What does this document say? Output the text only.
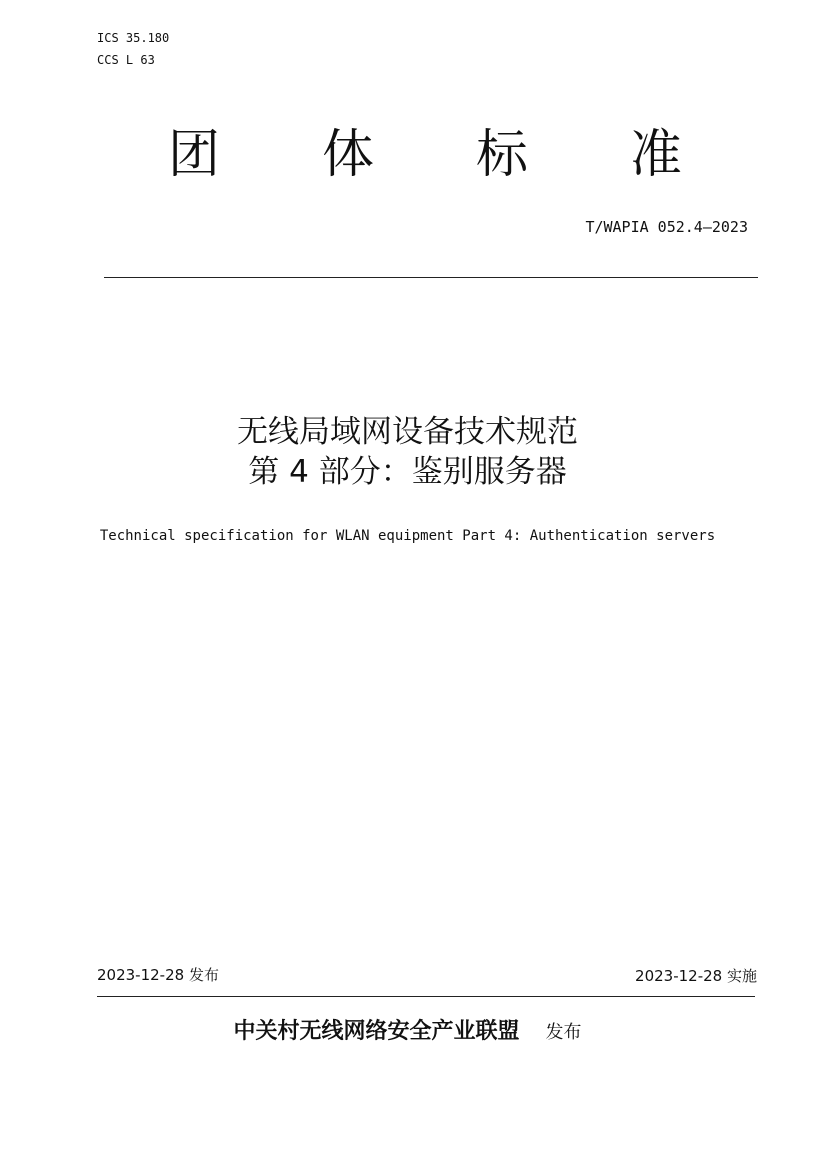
ICS 35.180
CCS L 63
团 体 标 准
T/WAPIA 052.4—2023
无线局域网设备技术规范
第 4 部分：鉴别服务器
Technical specification for WLAN equipment Part 4: Authentication servers
2023-12-28 发布	2023-12-28 实施
中关村无线网络安全产业联盟 发布
